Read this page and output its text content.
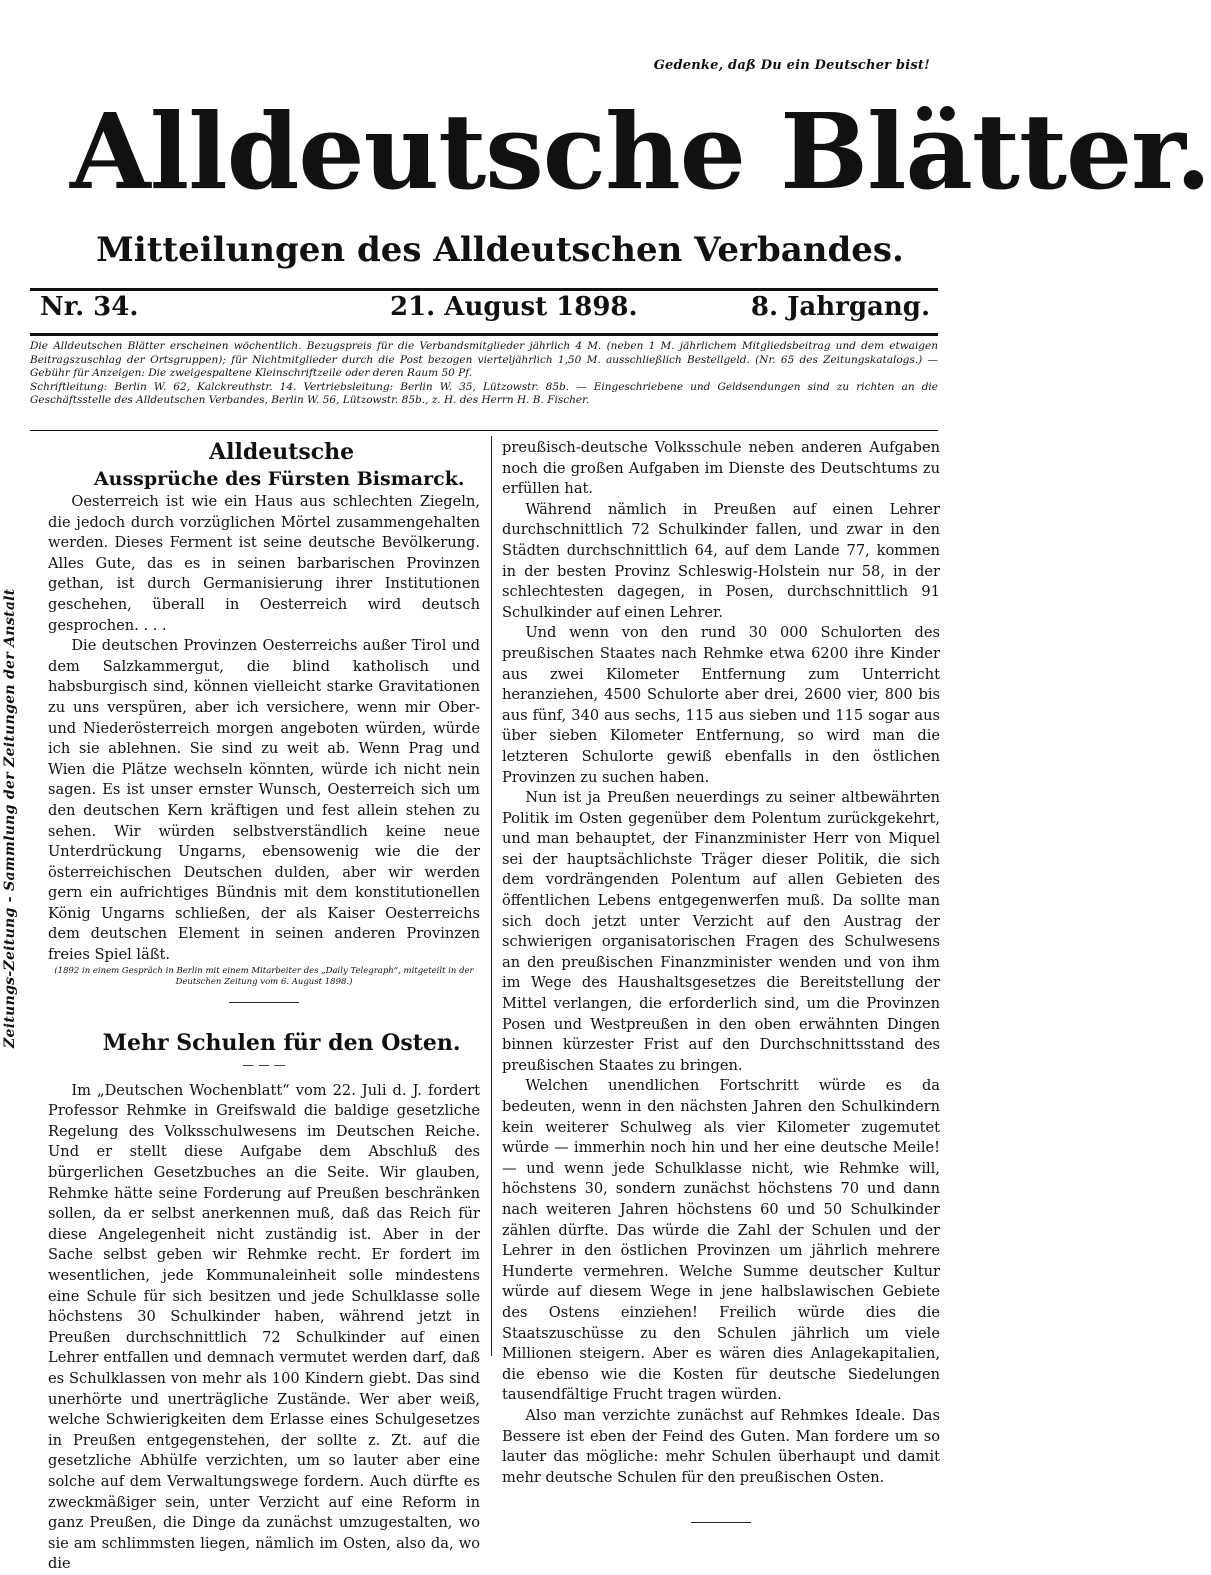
Gedenke, daß Du ein Deutscher bist!
Alldeutsche Blätter.
Mitteilungen des Alldeutschen Verbandes.
Nr. 34.	21. August 1898.	8. Jahrgang.

Die Alldeutschen Blätter erscheinen wöchentlich. Bezugspreis für die Verbandsmitglieder jährlich 4 M. (neben 1 M. jährlichem Mitgliedsbeitrag und dem etwaigen Beitragszuschlag der Ortsgruppen); für Nichtmitglieder durch die Post bezogen vierteljährlich 1,50 M. ausschließlich Bestellgeld. (Nr. 65 des Zeitungskatalogs.) — Gebühr für Anzeigen: Die zweigespaltene Kleinschriftzeile oder deren Raum 50 Pf.

Schriftleitung: Berlin W. 62, Kalckreuthstr. 14. Vertriebsleitung: Berlin W. 35, Lützowstr. 85b. — Eingeschriebene und Geldsendungen sind zu richten an die Geschäftsstelle des Alldeutschen Verbandes, Berlin W. 56, Lützowstr. 85b., z. H. des Herrn H. B. Fischer.

Zeitungs-Zeitung - Sammlung der Zeitungen der Anstalt

Alldeutsche

Aussprüche des Fürsten Bismarck.

Oesterreich ist wie ein Haus aus schlechten Ziegeln, die jedoch durch vorzüglichen Mörtel zusammengehalten werden. Dieses Ferment ist seine deutsche Bevölkerung. Alles Gute, das es in seinen barbarischen Provinzen gethan, ist durch Germanisierung ihrer Institutionen geschehen, überall in Oesterreich wird deutsch gesprochen. . . .

Die deutschen Provinzen Oesterreichs außer Tirol und dem Salzkammergut, die blind katholisch und habsburgisch sind, können vielleicht starke Gravitationen zu uns verspüren, aber ich versichere, wenn mir Ober- und Niederösterreich morgen angeboten würden, würde ich sie ablehnen. Sie sind zu weit ab. Wenn Prag und Wien die Plätze wechseln könnten, würde ich nicht nein sagen. Es ist unser ernster Wunsch, Oesterreich sich um den deutschen Kern kräftigen und fest allein stehen zu sehen. Wir würden selbstverständlich keine neue Unterdrückung Ungarns, ebensowenig wie die der österreichischen Deutschen dulden, aber wir werden gern ein aufrichtiges Bündnis mit dem konstitutionellen König Ungarns schließen, der als Kaiser Oesterreichs dem deutschen Element in seinen anderen Provinzen freies Spiel läßt.

(1892 in einem Gespräch in Berlin mit einem Mitarbeiter des „Daily Telegraph“, mitgeteilt in der Deutschen Zeitung vom 6. August 1898.)

Mehr Schulen für den Osten.

— — —

Im „Deutschen Wochenblatt“ vom 22. Juli d. J. fordert Professor Rehmke in Greifswald die baldige gesetzliche Regelung des Volksschulwesens im Deutschen Reiche. Und er stellt diese Aufgabe dem Abschluß des bürgerlichen Gesetzbuches an die Seite. Wir glauben, Rehmke hätte seine Forderung auf Preußen beschränken sollen, da er selbst anerkennen muß, daß das Reich für diese Angelegenheit nicht zuständig ist. Aber in der Sache selbst geben wir Rehmke recht. Er fordert im wesentlichen, jede Kommunaleinheit solle mindestens eine Schule für sich besitzen und jede Schulklasse solle höchstens 30 Schulkinder haben, während jetzt in Preußen durchschnittlich 72 Schulkinder auf einen Lehrer entfallen und demnach vermutet werden darf, daß es Schulklassen von mehr als 100 Kindern giebt. Das sind unerhörte und unerträgliche Zustände. Wer aber weiß, welche Schwierigkeiten dem Erlasse eines Schulgesetzes in Preußen entgegenstehen, der sollte z. Zt. auf die gesetzliche Abhülfe verzichten, um so lauter aber eine solche auf dem Verwaltungswege fordern. Auch dürfte es zweckmäßiger sein, unter Verzicht auf eine Reform in ganz Preußen, die Dinge da zunächst umzugestalten, wo sie am schlimmsten liegen, nämlich im Osten, also da, wo die

preußisch-deutsche Volksschule neben anderen Aufgaben noch die großen Aufgaben im Dienste des Deutschtums zu erfüllen hat.

Während nämlich in Preußen auf einen Lehrer durchschnittlich 72 Schulkinder fallen, und zwar in den Städten durchschnittlich 64, auf dem Lande 77, kommen in der besten Provinz Schleswig-Holstein nur 58, in der schlechtesten dagegen, in Posen, durchschnittlich 91 Schulkinder auf einen Lehrer.

Und wenn von den rund 30 000 Schulorten des preußischen Staates nach Rehmke etwa 6200 ihre Kinder aus zwei Kilometer Entfernung zum Unterricht heranziehen, 4500 Schulorte aber drei, 2600 vier, 800 bis aus fünf, 340 aus sechs, 115 aus sieben und 115 sogar aus über sieben Kilometer Entfernung, so wird man die letzteren Schulorte gewiß ebenfalls in den östlichen Provinzen zu suchen haben.

Nun ist ja Preußen neuerdings zu seiner altbewährten Politik im Osten gegenüber dem Polentum zurückgekehrt, und man behauptet, der Finanzminister Herr von Miquel sei der hauptsächlichste Träger dieser Politik, die sich dem vordrängenden Polentum auf allen Gebieten des öffentlichen Lebens entgegenwerfen muß. Da sollte man sich doch jetzt unter Verzicht auf den Austrag der schwierigen organisatorischen Fragen des Schulwesens an den preußischen Finanzminister wenden und von ihm im Wege des Haushaltsgesetzes die Bereitstellung der Mittel verlangen, die erforderlich sind, um die Provinzen Posen und Westpreußen in den oben erwähnten Dingen binnen kürzester Frist auf den Durchschnittsstand des preußischen Staates zu bringen.

Welchen unendlichen Fortschritt würde es da bedeuten, wenn in den nächsten Jahren den Schulkindern kein weiterer Schulweg als vier Kilometer zugemutet würde — immerhin noch hin und her eine deutsche Meile! — und wenn jede Schulklasse nicht, wie Rehmke will, höchstens 30, sondern zunächst höchstens 70 und dann nach weiteren Jahren höchstens 60 und 50 Schulkinder zählen dürfte. Das würde die Zahl der Schulen und der Lehrer in den östlichen Provinzen um jährlich mehrere Hunderte vermehren. Welche Summe deutscher Kultur würde auf diesem Wege in jene halbslawischen Gebiete des Ostens einziehen! Freilich würde dies die Staatszuschüsse zu den Schulen jährlich um viele Millionen steigern. Aber es wären dies Anlagekapitalien, die ebenso wie die Kosten für deutsche Siedelungen tausendfältige Frucht tragen würden.

Also man verzichte zunächst auf Rehmkes Ideale. Das Bessere ist eben der Feind des Guten. Man fordere um so lauter das mögliche: mehr Schulen überhaupt und damit mehr deutsche Schulen für den preußischen Osten.
